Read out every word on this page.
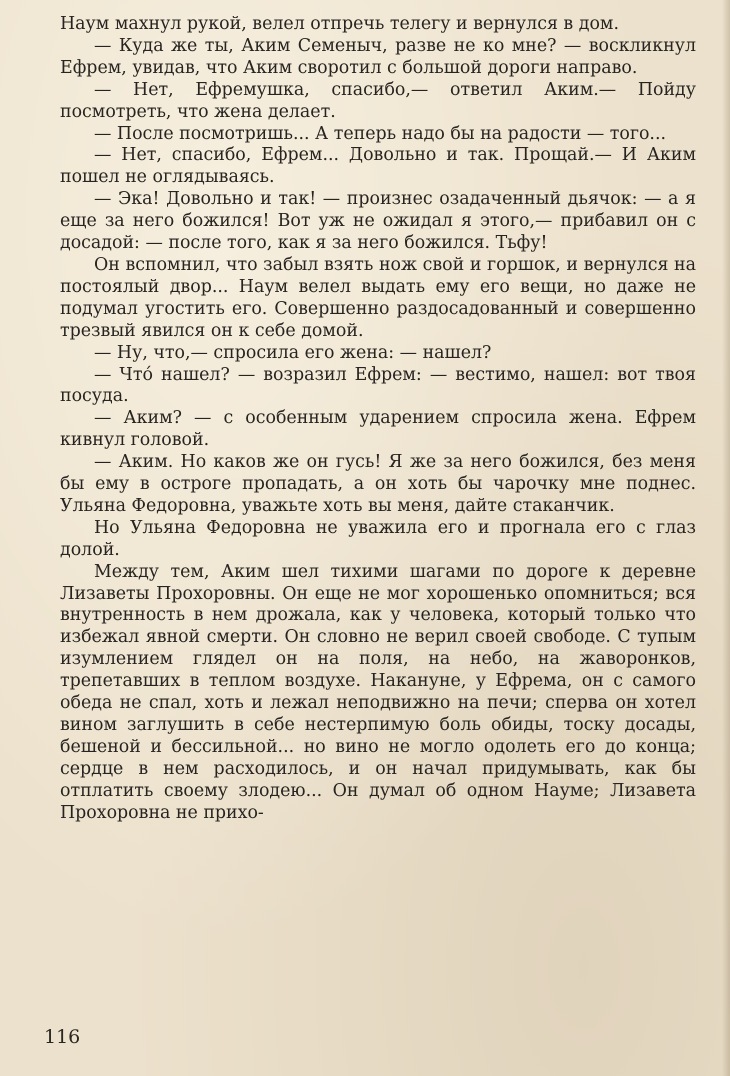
Наум махнул рукой, велел отпречь телегу и вернулся в дом.

— Куда же ты, Аким Семеныч, разве не ко мне? — воскликнул Ефрем, увидав, что Аким своротил с большой дороги направо.

— Нет, Ефремушка, спасибо,— ответил Аким.— Пойду посмотреть, что жена делает.

— После посмотришь... А теперь надо бы на радости — того...

— Нет, спасибо, Ефрем... Довольно и так. Прощай.— И Аким пошел не оглядываясь.

— Эка! Довольно и так! — произнес озадаченный дьячок: — а я еще за него божился! Вот уж не ожидал я этого,— прибавил он с досадой: — после того, как я за него божился. Тьфу!

Он вспомнил, что забыл взять нож свой и горшок, и вернулся на постоялый двор... Наум велел выдать ему его вещи, но даже не подумал угостить его. Совершенно раздосадованный и совершенно трезвый явился он к себе домой.

— Ну, что,— спросила его жена: — нашел?

— Что́ нашел? — возразил Ефрем: — вестимо, нашел: вот твоя посуда.

— Аким? — с особенным ударением спросила жена. Ефрем кивнул головой.

— Аким. Но каков же он гусь! Я же за него божился, без меня бы ему в остроге пропадать, а он хоть бы чарочку мне поднес. Ульяна Федоровна, уважьте хоть вы меня, дайте стаканчик.

Но Ульяна Федоровна не уважила его и прогнала его с глаз долой.

Между тем, Аким шел тихими шагами по дороге к деревне Лизаветы Прохоровны. Он еще не мог хорошенько опомниться; вся внутренность в нем дрожала, как у человека, который только что избежал явной смерти. Он словно не верил своей свободе. С тупым изумлением глядел он на поля, на небо, на жаворонков, трепетавших в теплом воздухе. Накануне, у Ефрема, он с самого обеда не спал, хоть и лежал неподвижно на печи; сперва он хотел вином заглушить в себе нестерпимую боль обиды, тоску досады, бешеной и бессильной... но вино не могло одолеть его до конца; сердце в нем расходилось, и он начал придумывать, как бы отплатить своему злодею... Он думал об одном Науме; Лизавета Прохоровна не прихо-

116
